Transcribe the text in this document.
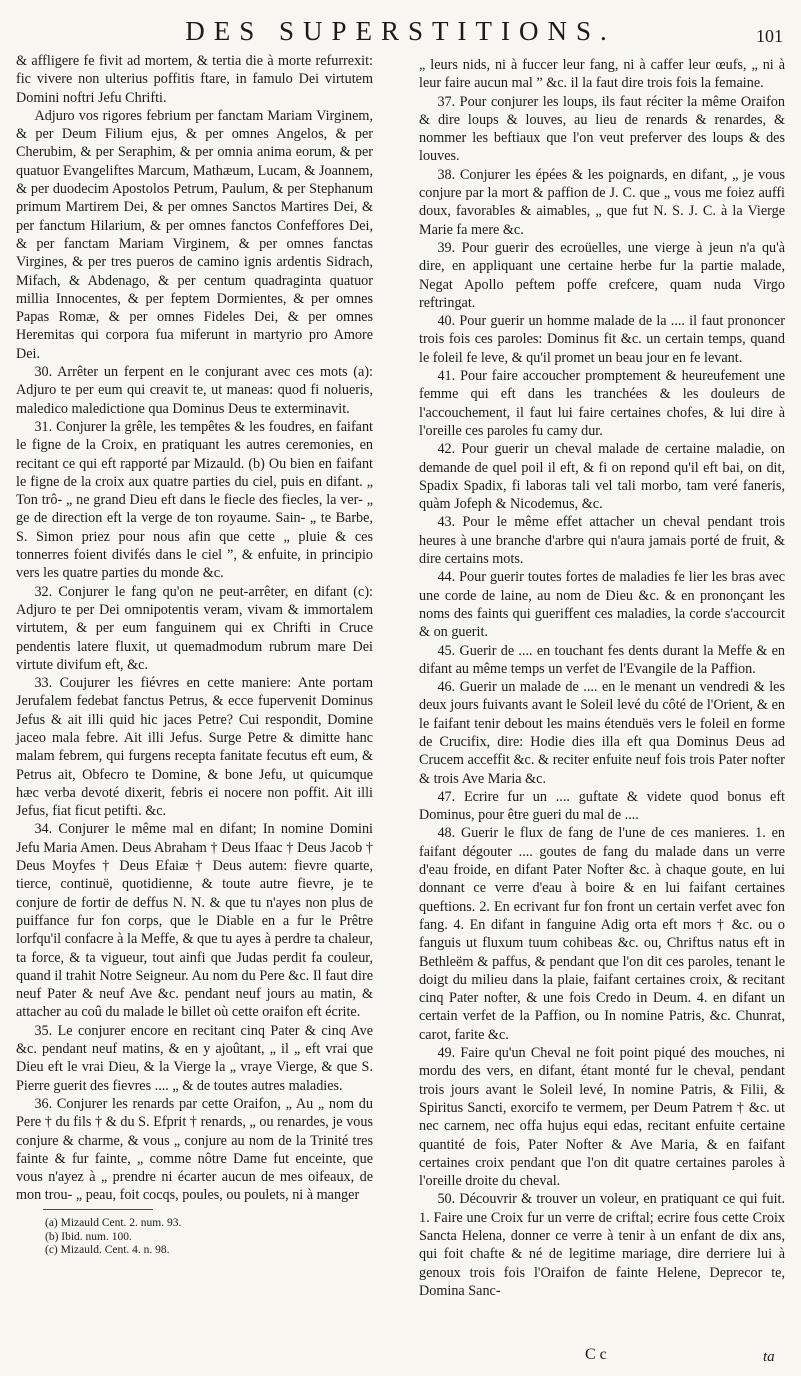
DES SUPERSTITIONS.	101

& affligere fe fivit ad mortem, & tertia die à morte refurrexit: fic vivere non ulterius poffitis ftare, in famulo Dei virtutem Domini noftri Jefu Chrifti.

Adjuro vos rigores febrium per fanctam Mariam Virginem, & per Deum Filium ejus, & per omnes Angelos, & per Cherubim, & per Seraphim, & per omnia anima eorum, & per quatuor Evangeliftes Marcum, Mathæum, Lucam, & Joannem, & per duodecim Apostolos Petrum, Paulum, & per Stephanum primum Martirem Dei, & per omnes Sanctos Martires Dei, & per fanctum Hilarium, & per omnes fanctos Confeffores Dei, & per fanctam Mariam Virginem, & per omnes fanctas Virgines, & per tres pueros de camino ignis ardentis Sidrach, Mifach, & Abdenago, & per centum quadraginta quatuor millia Innocentes, & per feptem Dormientes, & per omnes Papas Romæ, & per omnes Fideles Dei, & per omnes Heremitas qui corpora fua miferunt in martyrio pro Amore Dei.

30. Arrêter un ferpent en le conjurant avec ces mots (a): Adjuro te per eum qui creavit te, ut maneas: quod fi nolueris, maledico maledictione qua Dominus Deus te exterminavit.

31. Conjurer la grêle, les tempêtes & les foudres, en faifant le figne de la Croix, en pratiquant les autres ceremonies, en recitant ce qui eft rapporté par Mizauld. (b) Ou bien en faifant le figne de la croix aux quatre parties du ciel, puis en difant. „ Ton trô- „ ne grand Dieu eft dans le fiecle des fiecles, la ver- „ ge de direction eft la verge de ton royaume. Sain- „ te Barbe, S. Simon priez pour nous afin que cette „ pluie & ces tonnerres foient divifés dans le ciel ”, & enfuite, in principio vers les quatre parties du monde &c.

32. Conjurer le fang qu'on ne peut-arrêter, en difant (c): Adjuro te per Dei omnipotentis veram, vivam & immortalem virtutem, & per eum fanguinem qui ex Chrifti in Cruce pendentis latere fluxit, ut quemadmodum rubrum mare Dei virtute divifum eft, &c.

33. Coujurer les fiévres en cette maniere: Ante portam Jerufalem fedebat fanctus Petrus, & ecce fupervenit Dominus Jefus & ait illi quid hic jaces Petre? Cui respondit, Domine jaceo mala febre. Ait illi Jefus. Surge Petre & dimitte hanc malam febrem, qui furgens recepta fanitate fecutus eft eum, & Petrus ait, Obfecro te Domine, & bone Jefu, ut quicumque hæc verba devoté dixerit, febris ei nocere non poffit. Ait illi Jefus, fiat ficut petifti. &c.

34. Conjurer le même mal en difant; In nomine Domini Jefu Maria Amen. Deus Abraham † Deus Ifaac † Deus Jacob † Deus Moyfes † Deus Efaiæ † Deus autem: fievre quarte, tierce, continuë, quotidienne, & toute autre fievre, je te conjure de fortir de deffus N. N. & que tu n'ayes non plus de puiffance fur fon corps, que le Diable en a fur le Prêtre lorfqu'il confacre à la Meffe, & que tu ayes à perdre ta chaleur, ta force, & ta vigueur, tout ainfi que Judas perdit fa couleur, quand il trahit Notre Seigneur. Au nom du Pere &c. Il faut dire neuf Pater & neuf Ave &c. pendant neuf jours au matin, & attacher au coû du malade le billet où cette oraifon eft écrite.

35. Le conjurer encore en recitant cinq Pater & cinq Ave &c. pendant neuf matins, & en y ajoûtant, „ il „ eft vrai que Dieu eft le vrai Dieu, & la Vierge la „ vraye Vierge, & que S. Pierre guerit des fievres .... „ & de toutes autres maladies.

36. Conjurer les renards par cette Oraifon, „ Au „ nom du Pere † du fils † & du S. Efprit † renards, „ ou renardes, je vous conjure & charme, & vous „ conjure au nom de la Trinité tres fainte & fur fainte, „ comme nôtre Dame fut enceinte, que vous n'ayez à „ prendre ni écarter aucun de mes oifeaux, de mon trou- „ peau, foit cocqs, poules, ou poulets, ni à manger

„ leurs nids, ni à fuccer leur fang, ni à caffer leur œufs, „ ni à leur faire aucun mal ” &c. il la faut dire trois fois la femaine.

37. Pour conjurer les loups, ils faut réciter la même Oraifon & dire loups & louves, au lieu de renards & renardes, & nommer les beftiaux que l'on veut preferver des loups & des louves.

38. Conjurer les épées & les poignards, en difant, „ je vous conjure par la mort & paffion de J. C. que „ vous me foiez auffi doux, favorables & aimables, „ que fut N. S. J. C. à la Vierge Marie fa mere &c.

39. Pour guerir des ecroüelles, une vierge à jeun n'a qu'à dire, en appliquant une certaine herbe fur la partie malade, Negat Apollo peftem poffe crefcere, quam nuda Virgo reftringat.

40. Pour guerir un homme malade de la .... il faut prononcer trois fois ces paroles: Dominus fit &c. un certain temps, quand le foleil fe leve, & qu'il promet un beau jour en fe levant.

41. Pour faire accoucher promptement & heureufement une femme qui eft dans les tranchées & les douleurs de l'accouchement, il faut lui faire certaines chofes, & lui dire à l'oreille ces paroles fu camy dur.

42. Pour guerir un cheval malade de certaine maladie, on demande de quel poil il eft, & fi on repond qu'il eft bai, on dit, Spadix Spadix, fi laboras tali vel tali morbo, tam veré faneris, quàm Jofeph & Nicodemus, &c.

43. Pour le même effet attacher un cheval pendant trois heures à une branche d'arbre qui n'aura jamais porté de fruit, & dire certains mots.

44. Pour guerir toutes fortes de maladies fe lier les bras avec une corde de laine, au nom de Dieu &c. & en prononçant les noms des faints qui gueriffent ces maladies, la corde s'accourcit & on guerit.

45. Guerir de .... en touchant fes dents durant la Meffe & en difant au même temps un verfet de l'Evangile de la Paffion.

46. Guerir un malade de .... en le menant un vendredi & les deux jours fuivants avant le Soleil levé du côté de l'Orient, & en le faifant tenir debout les mains étenduës vers le foleil en forme de Crucifix, dire: Hodie dies illa eft qua Dominus Deus ad Crucem acceffit &c. & reciter enfuite neuf fois trois Pater nofter & trois Ave Maria &c.

47. Ecrire fur un .... guftate & videte quod bonus eft Dominus, pour être gueri du mal de ....

48. Guerir le flux de fang de l'une de ces manieres. 1. en faifant dégouter .... goutes de fang du malade dans un verre d'eau froide, en difant Pater Nofter &c. à chaque goute, en lui donnant ce verre d'eau à boire & en lui faifant certaines queftions. 2. En ecrivant fur fon front un certain verfet avec fon fang. 4. En difant in fanguine Adig orta eft mors † &c. ou o fanguis ut fluxum tuum cohibeas &c. ou, Chriftus natus eft in Bethleëm & paffus, & pendant que l'on dit ces paroles, tenant le doigt du milieu dans la plaie, faifant certaines croix, & recitant cinq Pater nofter, & une fois Credo in Deum. 4. en difant un certain verfet de la Paffion, ou In nomine Patris, &c. Chunrat, carot, farite &c.

49. Faire qu'un Cheval ne foit point piqué des mouches, ni mordu des vers, en difant, étant monté fur le cheval, pendant trois jours avant le Soleil levé, In nomine Patris, & Filii, & Spiritus Sancti, exorcifo te vermem, per Deum Patrem † &c. ut nec carnem, nec offa hujus equi edas, recitant enfuite certaine quantité de fois, Pater Nofter & Ave Maria, & en faifant certaines croix pendant que l'on dit quatre certaines paroles à l'oreille droite du cheval.

50. Découvrir & trouver un voleur, en pratiquant ce qui fuit. 1. Faire une Croix fur un verre de criftal; ecrire fous cette Croix Sancta Helena, donner ce verre à tenir à un enfant de dix ans, qui foit chafte & né de legitime mariage, dire derriere lui à genoux trois fois l'Oraifon de fainte Helene, Deprecor te, Domina Sanc-

(a) Mizauld Cent. 2. num. 93.
(b) Ibid. num. 100.
(c) Mizauld. Cent. 4. n. 98.
C c	ta
